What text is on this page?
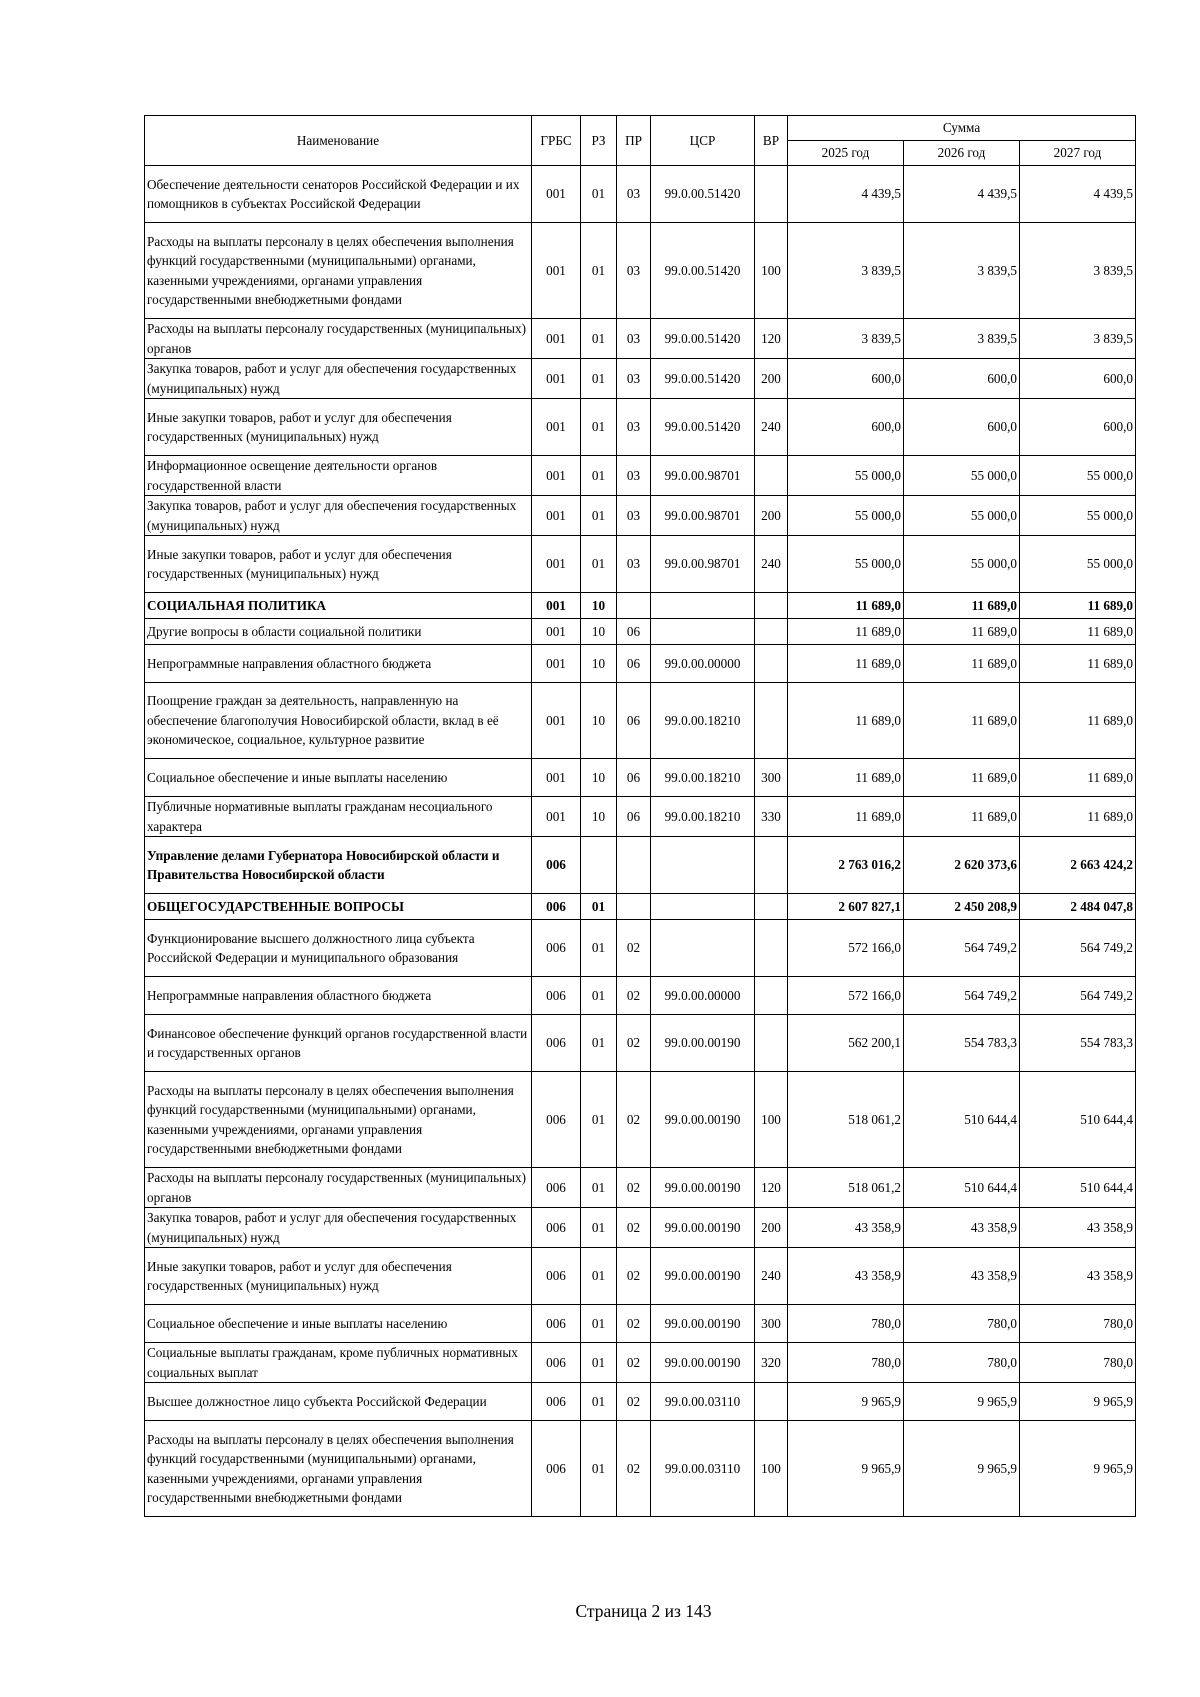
Наименование	ГРБС	РЗ	ПР	ЦСР	ВР	Сумма		
						2025 год	2026 год	2027 год
Обеспечение деятельности сенаторов Российской Федерации и их помощников в субъектах Российской Федерации	001	01	03	99.0.00.51420		4 439,5	4 439,5	4 439,5
Расходы на выплаты персоналу в целях обеспечения выполнения функций государственными (муниципальными) органами, казенными учреждениями, органами управления государственными внебюджетными фондами	001	01	03	99.0.00.51420	100	3 839,5	3 839,5	3 839,5
Расходы на выплаты персоналу государственных (муниципальных) органов	001	01	03	99.0.00.51420	120	3 839,5	3 839,5	3 839,5
Закупка товаров, работ и услуг для обеспечения государственных (муниципальных) нужд	001	01	03	99.0.00.51420	200	600,0	600,0	600,0
Иные закупки товаров, работ и услуг для обеспечения государственных (муниципальных) нужд	001	01	03	99.0.00.51420	240	600,0	600,0	600,0
Информационное освещение деятельности органов государственной власти	001	01	03	99.0.00.98701		55 000,0	55 000,0	55 000,0
Закупка товаров, работ и услуг для обеспечения государственных (муниципальных) нужд	001	01	03	99.0.00.98701	200	55 000,0	55 000,0	55 000,0
Иные закупки товаров, работ и услуг для обеспечения государственных (муниципальных) нужд	001	01	03	99.0.00.98701	240	55 000,0	55 000,0	55 000,0
СОЦИАЛЬНАЯ ПОЛИТИКА	001	10				11 689,0	11 689,0	11 689,0
Другие вопросы в области социальной политики	001	10	06			11 689,0	11 689,0	11 689,0
Непрограммные направления областного бюджета	001	10	06	99.0.00.00000		11 689,0	11 689,0	11 689,0
Поощрение граждан за деятельность, направленную на обеспечение благополучия Новосибирской области, вклад в её экономическое, социальное, культурное развитие	001	10	06	99.0.00.18210		11 689,0	11 689,0	11 689,0
Социальное обеспечение и иные выплаты населению	001	10	06	99.0.00.18210	300	11 689,0	11 689,0	11 689,0
Публичные нормативные выплаты гражданам несоциального характера	001	10	06	99.0.00.18210	330	11 689,0	11 689,0	11 689,0
Управление делами Губернатора Новосибирской области и Правительства Новосибирской области	006					2 763 016,2	2 620 373,6	2 663 424,2
ОБЩЕГОСУДАРСТВЕННЫЕ ВОПРОСЫ	006	01				2 607 827,1	2 450 208,9	2 484 047,8
Функционирование высшего должностного лица субъекта Российской Федерации и муниципального образования	006	01	02			572 166,0	564 749,2	564 749,2
Непрограммные направления областного бюджета	006	01	02	99.0.00.00000		572 166,0	564 749,2	564 749,2
Финансовое обеспечение функций органов государственной власти и государственных органов	006	01	02	99.0.00.00190		562 200,1	554 783,3	554 783,3
Расходы на выплаты персоналу в целях обеспечения выполнения функций государственными (муниципальными) органами, казенными учреждениями, органами управления государственными внебюджетными фондами	006	01	02	99.0.00.00190	100	518 061,2	510 644,4	510 644,4
Расходы на выплаты персоналу государственных (муниципальных) органов	006	01	02	99.0.00.00190	120	518 061,2	510 644,4	510 644,4
Закупка товаров, работ и услуг для обеспечения государственных (муниципальных) нужд	006	01	02	99.0.00.00190	200	43 358,9	43 358,9	43 358,9
Иные закупки товаров, работ и услуг для обеспечения государственных (муниципальных) нужд	006	01	02	99.0.00.00190	240	43 358,9	43 358,9	43 358,9
Социальное обеспечение и иные выплаты населению	006	01	02	99.0.00.00190	300	780,0	780,0	780,0
Социальные выплаты гражданам, кроме публичных нормативных социальных выплат	006	01	02	99.0.00.00190	320	780,0	780,0	780,0
Высшее должностное лицо субъекта Российской Федерации	006	01	02	99.0.00.03110		9 965,9	9 965,9	9 965,9
Расходы на выплаты персоналу в целях обеспечения выполнения функций государственными (муниципальными) органами, казенными учреждениями, органами управления государственными внебюджетными фондами	006	01	02	99.0.00.03110	100	9 965,9	9 965,9	9 965,9
Страница 2 из 143
